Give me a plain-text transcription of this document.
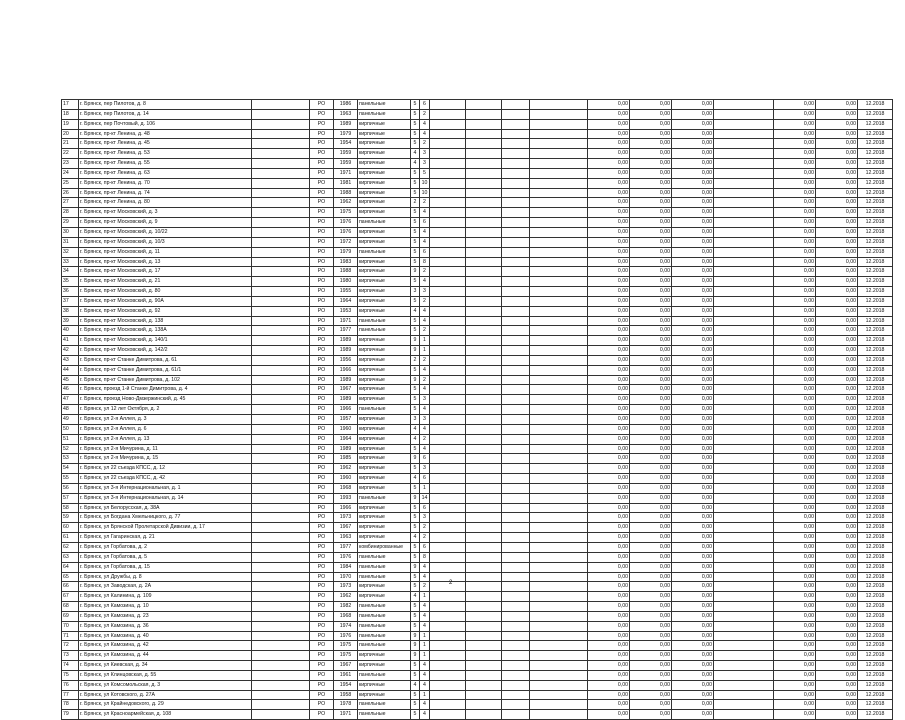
17	г. Брянск, пер Пилотов, д. 8		РО	1986	панельные	5	6					0,00	0,00	0,00		0,00	0,00	12.2018
18	г. Брянск, пер Пилотов, д. 14		РО	1963	панельные	5	2					0,00	0,00	0,00		0,00	0,00	12.2018
19	г. Брянск, пер Почтовый, д. 106		РО	1989	кирпичные	5	4					0,00	0,00	0,00		0,00	0,00	12.2018
20	г. Брянск, пр-кт Ленина, д. 48		РО	1979	кирпичные	5	4					0,00	0,00	0,00		0,00	0,00	12.2018
21	г. Брянск, пр-кт Ленина, д. 45		РО	1954	кирпичные	5	2					0,00	0,00	0,00		0,00	0,00	12.2018
22	г. Брянск, пр-кт Ленина, д. 53		РО	1959	кирпичные	4	3					0,00	0,00	0,00		0,00	0,00	12.2018
23	г. Брянск, пр-кт Ленина, д. 55		РО	1959	кирпичные	4	3					0,00	0,00	0,00		0,00	0,00	12.2018
24	г. Брянск, пр-кт Ленина, д. 63		РО	1971	кирпичные	5	5					0,00	0,00	0,00		0,00	0,00	12.2018
25	г. Брянск, пр-кт Ленина, д. 70		РО	1981	кирпичные	5	10					0,00	0,00	0,00		0,00	0,00	12.2018
26	г. Брянск, пр-кт Ленина, д. 74		РО	1988	кирпичные	5	10					0,00	0,00	0,00		0,00	0,00	12.2018
27	г. Брянск, пр-кт Ленина, д. 80		РО	1962	кирпичные	2	2					0,00	0,00	0,00		0,00	0,00	12.2018
28	г. Брянск, пр-кт Московский, д. 3		РО	1975	кирпичные	5	4					0,00	0,00	0,00		0,00	0,00	12.2018
29	г. Брянск, пр-кт Московский, д. 9		РО	1976	панельные	5	6					0,00	0,00	0,00		0,00	0,00	12.2018
30	г. Брянск, пр-кт Московский, д. 10/22		РО	1976	кирпичные	5	4					0,00	0,00	0,00		0,00	0,00	12.2018
31	г. Брянск, пр-кт Московский, д. 10/3		РО	1972	кирпичные	5	4					0,00	0,00	0,00		0,00	0,00	12.2018
32	г. Брянск, пр-кт Московский, д. 11		РО	1979	панельные	5	6					0,00	0,00	0,00		0,00	0,00	12.2018
33	г. Брянск, пр-кт Московский, д. 13		РО	1983	кирпичные	5	8					0,00	0,00	0,00		0,00	0,00	12.2018
34	г. Брянск, пр-кт Московский, д. 17		РО	1988	кирпичные	9	2					0,00	0,00	0,00		0,00	0,00	12.2018
35	г. Брянск, пр-кт Московский, д. 21		РО	1980	кирпичные	5	4					0,00	0,00	0,00		0,00	0,00	12.2018
36	г. Брянск, пр-кт Московский, д. 80		РО	1955	кирпичные	3	3					0,00	0,00	0,00		0,00	0,00	12.2018
37	г. Брянск, пр-кт Московский, д. 90А		РО	1964	кирпичные	5	2					0,00	0,00	0,00		0,00	0,00	12.2018
38	г. Брянск, пр-кт Московский, д. 92		РО	1953	кирпичные	4	4					0,00	0,00	0,00		0,00	0,00	12.2018
39	г. Брянск, пр-кт Московский, д. 138		РО	1971	панельные	5	4					0,00	0,00	0,00		0,00	0,00	12.2018
40	г. Брянск, пр-кт Московский, д. 138А		РО	1977	панельные	5	2					0,00	0,00	0,00		0,00	0,00	12.2018
41	г. Брянск, пр-кт Московский, д. 140/1		РО	1989	кирпичные	9	1					0,00	0,00	0,00		0,00	0,00	12.2018
42	г. Брянск, пр-кт Московский, д. 142/2		РО	1989	кирпичные	9	1					0,00	0,00	0,00		0,00	0,00	12.2018
43	г. Брянск, пр-кт Станке Димитрова, д. 61		РО	1956	кирпичные	2	2					0,00	0,00	0,00		0,00	0,00	12.2018
44	г. Брянск, пр-кт Станке Димитрова, д. 61/1		РО	1966	кирпичные	5	4					0,00	0,00	0,00		0,00	0,00	12.2018
45	г. Брянск, пр-кт Станке Димитрова, д. 102		РО	1989	кирпичные	9	2					0,00	0,00	0,00		0,00	0,00	12.2018
46	г. Брянск, проезд 1-й Станке Димитрова, д. 4		РО	1967	кирпичные	5	4					0,00	0,00	0,00		0,00	0,00	12.2018
47	г. Брянск, проезд Ново-Дмзержинский, д. 45		РО	1989	кирпичные	5	3					0,00	0,00	0,00		0,00	0,00	12.2018
48	г. Брянск, ул 12 лет Октября, д. 2		РО	1966	панельные	5	4					0,00	0,00	0,00		0,00	0,00	12.2018
49	г. Брянск, ул 2-я Аллея, д. 3		РО	1957	кирпичные	3	3					0,00	0,00	0,00		0,00	0,00	12.2018
50	г. Брянск, ул 2-я Аллея, д. 6		РО	1960	кирпичные	4	4					0,00	0,00	0,00		0,00	0,00	12.2018
51	г. Брянск, ул 2-я Аллея, д. 13		РО	1964	кирпичные	4	2					0,00	0,00	0,00		0,00	0,00	12.2018
52	г. Брянск, ул 2-я Мичурина, д. 11		РО	1989	кирпичные	5	4					0,00	0,00	0,00		0,00	0,00	12.2018
53	г. Брянск, ул 2-я Мичурина, д. 15		РО	1985	кирпичные	9	6					0,00	0,00	0,00		0,00	0,00	12.2018
54	г. Брянск, ул 22 съезда КПСС, д. 12		РО	1962	кирпичные	5	3					0,00	0,00	0,00		0,00	0,00	12.2018
55	г. Брянск, ул 22 съезда КПСС, д. 42		РО	1960	кирпичные	4	6					0,00	0,00	0,00		0,00	0,00	12.2018
56	г. Брянск, ул 3-я Интернациональная, д. 1		РО	1968	кирпичные	5	1					0,00	0,00	0,00		0,00	0,00	12.2018
57	г. Брянск, ул 3-я Интернациональная, д. 14		РО	1993	панельные	9	14					0,00	0,00	0,00		0,00	0,00	12.2018
58	г. Брянск, ул Белорусская, д. 38А		РО	1966	кирпичные	5	6					0,00	0,00	0,00		0,00	0,00	12.2018
59	г. Брянск, ул Богдана Хмельницкого, д. 77		РО	1973	кирпичные	5	3					0,00	0,00	0,00		0,00	0,00	12.2018
60	г. Брянск, ул Брянской Пролетарской Дивизии, д. 17		РО	1967	кирпичные	5	2					0,00	0,00	0,00		0,00	0,00	12.2018
61	г. Брянск, ул Гагаринская, д. 21		РО	1963	кирпичные	4	2					0,00	0,00	0,00		0,00	0,00	12.2018
62	г. Брянск, ул Горбатова, д. 2		РО	1977	комбинированные	5	6					0,00	0,00	0,00		0,00	0,00	12.2018
63	г. Брянск, ул Горбатова, д. 5		РО	1976	панельные	5	8					0,00	0,00	0,00		0,00	0,00	12.2018
64	г. Брянск, ул Горбатова, д. 15		РО	1984	панельные	9	4					0,00	0,00	0,00		0,00	0,00	12.2018
65	г. Брянск, ул Дружбы, д. 8		РО	1970	панельные	5	4					0,00	0,00	0,00		0,00	0,00	12.2018
66	г. Брянск, ул Заводская, д. 2А		РО	1973	кирпичные	5	2					0,00	0,00	0,00		0,00	0,00	12.2018
67	г. Брянск, ул Калинина, д. 109		РО	1962	кирпичные	4	1					0,00	0,00	0,00		0,00	0,00	12.2018
68	г. Брянск, ул Камозина, д. 10		РО	1982	панельные	5	4					0,00	0,00	0,00		0,00	0,00	12.2018
69	г. Брянск, ул Камозина, д. 23		РО	1968	панельные	5	4					0,00	0,00	0,00		0,00	0,00	12.2018
70	г. Брянск, ул Камозина, д. 36		РО	1974	панельные	5	4					0,00	0,00	0,00		0,00	0,00	12.2018
71	г. Брянск, ул Камозина, д. 40		РО	1976	панельные	9	1					0,00	0,00	0,00		0,00	0,00	12.2018
72	г. Брянск, ул Камозина, д. 42		РО	1975	панельные	9	1					0,00	0,00	0,00		0,00	0,00	12.2018
73	г. Брянск, ул Камозина, д. 44		РО	1975	кирпичные	9	1					0,00	0,00	0,00		0,00	0,00	12.2018
74	г. Брянск, ул Киевская, д. 34		РО	1967	кирпичные	5	4					0,00	0,00	0,00		0,00	0,00	12.2018
75	г. Брянск, ул Клинцовская, д. 55		РО	1961	панельные	5	4					0,00	0,00	0,00		0,00	0,00	12.2018
76	г. Брянск, ул Комсомольская, д. 3		РО	1954	кирпичные	4	4					0,00	0,00	0,00		0,00	0,00	12.2018
77	г. Брянск, ул Котовского, д. 27А		РО	1958	кирпичные	5	1					0,00	0,00	0,00		0,00	0,00	12.2018
78	г. Брянск, ул Крайнедовского, д. 29		РО	1978	панельные	5	4					0,00	0,00	0,00		0,00	0,00	12.2018
79	г. Брянск, ул Красноармейская, д. 108		РО	1971	панельные	5	4					0,00	0,00	0,00		0,00	0,00	12.2018
2
